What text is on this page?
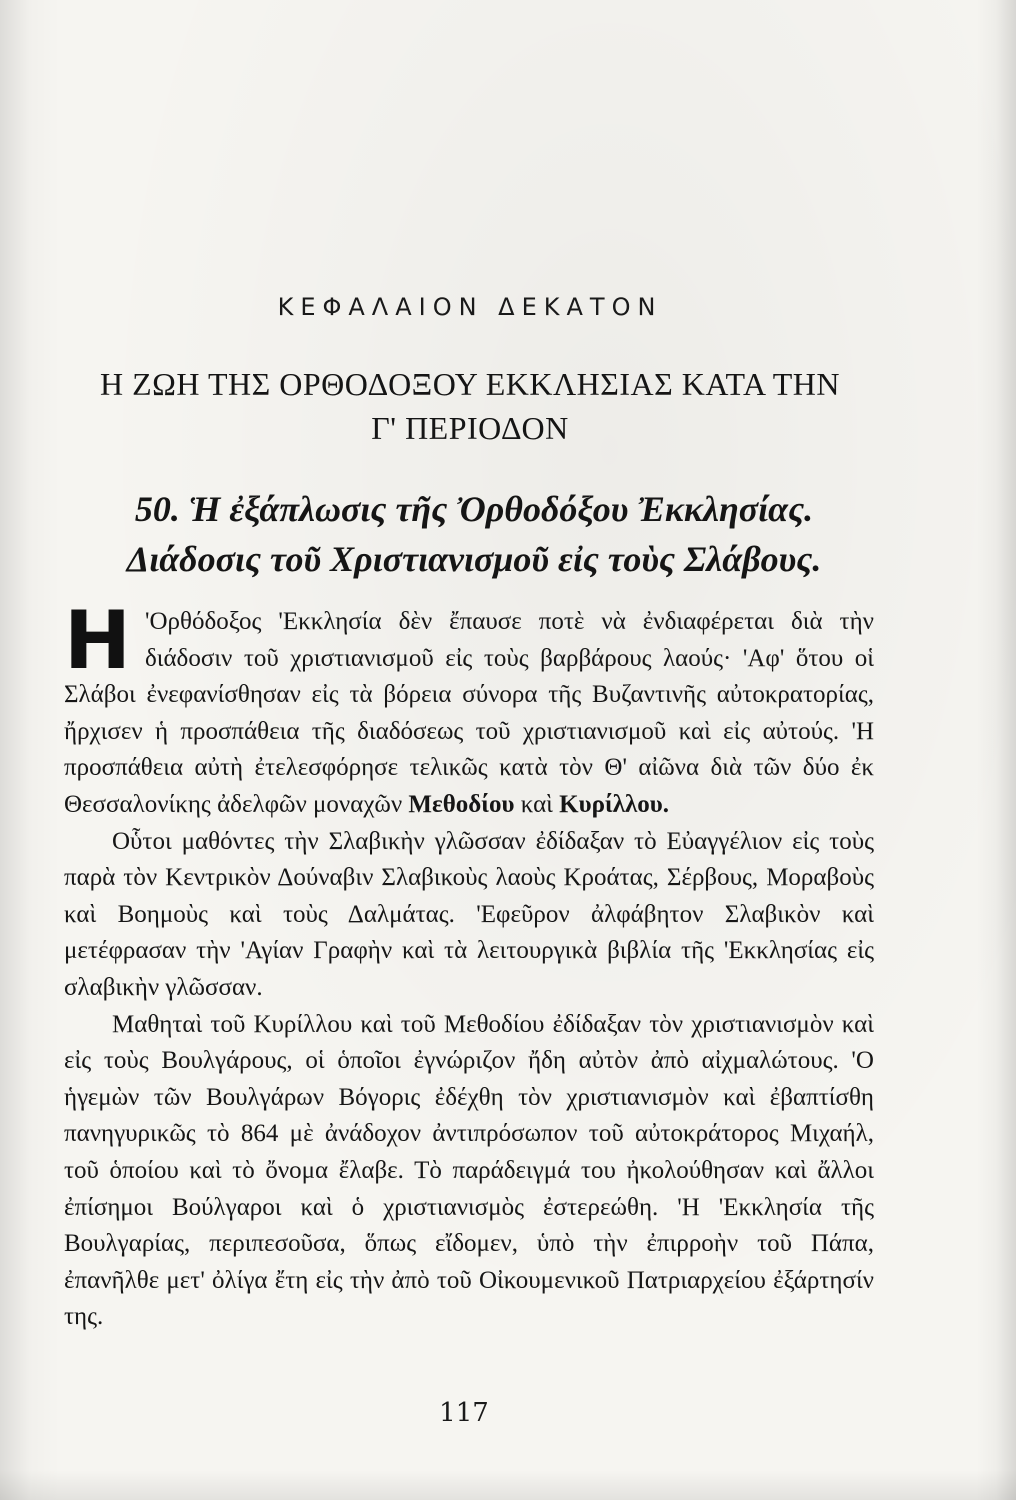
ΚΕΦΑΛΑΙΟΝ ΔΕΚΑΤΟΝ
Η ΖΩΗ ΤΗΣ ΟΡΘΟΔΟΞΟΥ ΕΚΚΛΗΣΙΑΣ ΚΑΤΑ ΤΗΝ
Γ' ΠΕΡΙΟΔΟΝ
50. Ἡ ἐξάπλωσις τῆς Ὀρθοδόξου Ἐκκλησίας. Διάδοσις τοῦ Χριστιανισμοῦ εἰς τοὺς Σλάβους.

Η 'Ορθόδοξος 'Εκκλησία δὲν ἔπαυσε ποτὲ νὰ ἐνδιαφέρεται διὰ τὴν διάδοσιν τοῦ χριστιανισμοῦ εἰς τοὺς βαρβάρους λαούς· 'Αφ' ὅτου οἱ Σλάβοι ἐνεφανίσθησαν εἰς τὰ βόρεια σύνορα τῆς Βυζαντινῆς αὐτοκρατορίας, ἤρχισεν ἡ προσπάθεια τῆς διαδόσεως τοῦ χριστιανισμοῦ καὶ εἰς αὐτούς. 'Η προσπάθεια αὐτὴ ἐτελεσφόρησε τελικῶς κατὰ τὸν Θ' αἰῶνα διὰ τῶν δύο ἐκ Θεσσαλονίκης ἀδελφῶν μοναχῶν Μεθοδίου καὶ Κυρίλλου.

Οὗτοι μαθόντες τὴν Σλαβικὴν γλῶσσαν ἐδίδαξαν τὸ Εὐαγγέλιον εἰς τοὺς παρὰ τὸν Κεντρικὸν Δούναβιν Σλαβικοὺς λαοὺς Κροάτας, Σέρβους, Μοραβοὺς καὶ Βοημοὺς καὶ τοὺς Δαλμάτας. 'Εφεῦρον ἀλφάβητον Σλαβικὸν καὶ μετέφρασαν τὴν 'Αγίαν Γραφὴν καὶ τὰ λειτουργικὰ βιβλία τῆς 'Εκκλησίας εἰς σλαβικὴν γλῶσσαν.

Μαθηταὶ τοῦ Κυρίλλου καὶ τοῦ Μεθοδίου ἐδίδαξαν τὸν χριστιανισμὸν καὶ εἰς τοὺς Βουλγάρους, οἱ ὁποῖοι ἐγνώριζον ἤδη αὐτὸν ἀπὸ αἰχμαλώτους. 'Ο ἡγεμὼν τῶν Βουλγάρων Βόγορις ἐδέχθη τὸν χριστιανισμὸν καὶ ἐβαπτίσθη πανηγυρικῶς τὸ 864 μὲ ἀνάδοχον ἀντιπρόσωπον τοῦ αὐτοκράτορος Μιχαήλ, τοῦ ὁποίου καὶ τὸ ὄνομα ἔλαβε. Τὸ παράδειγμά του ἠκολούθησαν καὶ ἄλλοι ἐπίσημοι Βούλγαροι καὶ ὁ χριστιανισμὸς ἐστερεώθη. 'Η 'Εκκλησία τῆς Βουλγαρίας, περιπεσοῦσα, ὅπως εἴδομεν, ὑπὸ τὴν ἐπιρροὴν τοῦ Πάπα, ἐπανῆλθε μετ' ὀλίγα ἔτη εἰς τὴν ἀπὸ τοῦ Οἰκουμενικοῦ Πατριαρχείου ἐξάρτησίν της.

117
